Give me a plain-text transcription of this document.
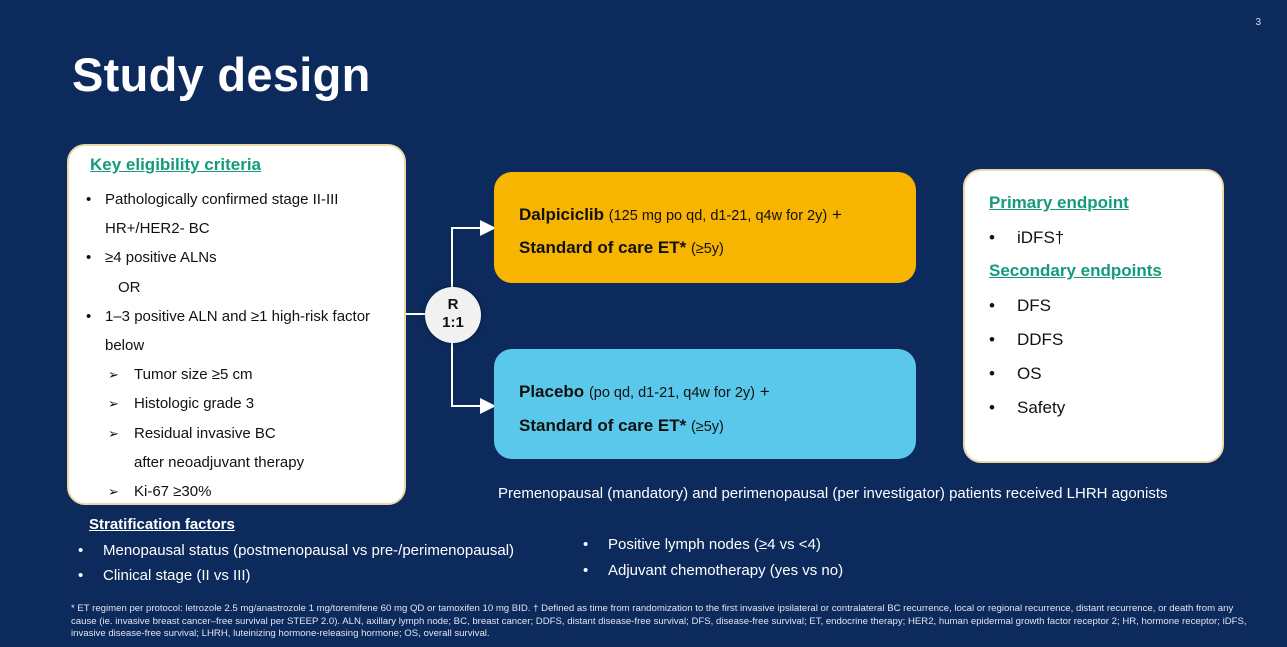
3
Study design
Key eligibility criteria
• Pathologically confirmed stage II-III
HR+/HER2- BC
• ≥4 positive ALNs
OR
• 1–3 positive ALN and ≥1 high-risk factor
below
➢ Tumor size ≥5 cm
➢ Histologic grade 3
➢ Residual invasive BC
after neoadjuvant therapy
➢ Ki-67 ≥30%
R
1:1
Dalpiciclib (125 mg po qd, d1-21, q4w for 2y) +
Standard of care ET* (≥5y)
Placebo (po qd, d1-21, q4w for 2y) +
Standard of care ET* (≥5y)
Primary endpoint
• iDFS†
Secondary endpoints
• DFS
• DDFS
• OS
• Safety
Premenopausal (mandatory) and perimenopausal (per investigator) patients received LHRH agonists
Stratification factors
• Menopausal status (postmenopausal vs pre-/perimenopausal)
• Clinical stage (II vs III)
• Positive lymph nodes (≥4 vs <4)
• Adjuvant chemotherapy (yes vs no)
* ET regimen per protocol: letrozole 2.5 mg/anastrozole 1 mg/toremifene 60 mg QD or tamoxifen 10 mg BID. † Defined as time from randomization to the first invasive ipsilateral or contralateral BC recurrence, local or regional recurrence, distant recurrence, or death from any cause (ie. invasive breast cancer–free survival per STEEP 2.0). ALN, axillary lymph node; BC, breast cancer; DDFS, distant disease-free survival; DFS, disease-free survival; ET, endocrine therapy; HER2, human epidermal growth factor receptor 2; HR, hormone receptor; iDFS, invasive disease-free survival; LHRH, luteinizing hormone-releasing hormone; OS, overall survival.
